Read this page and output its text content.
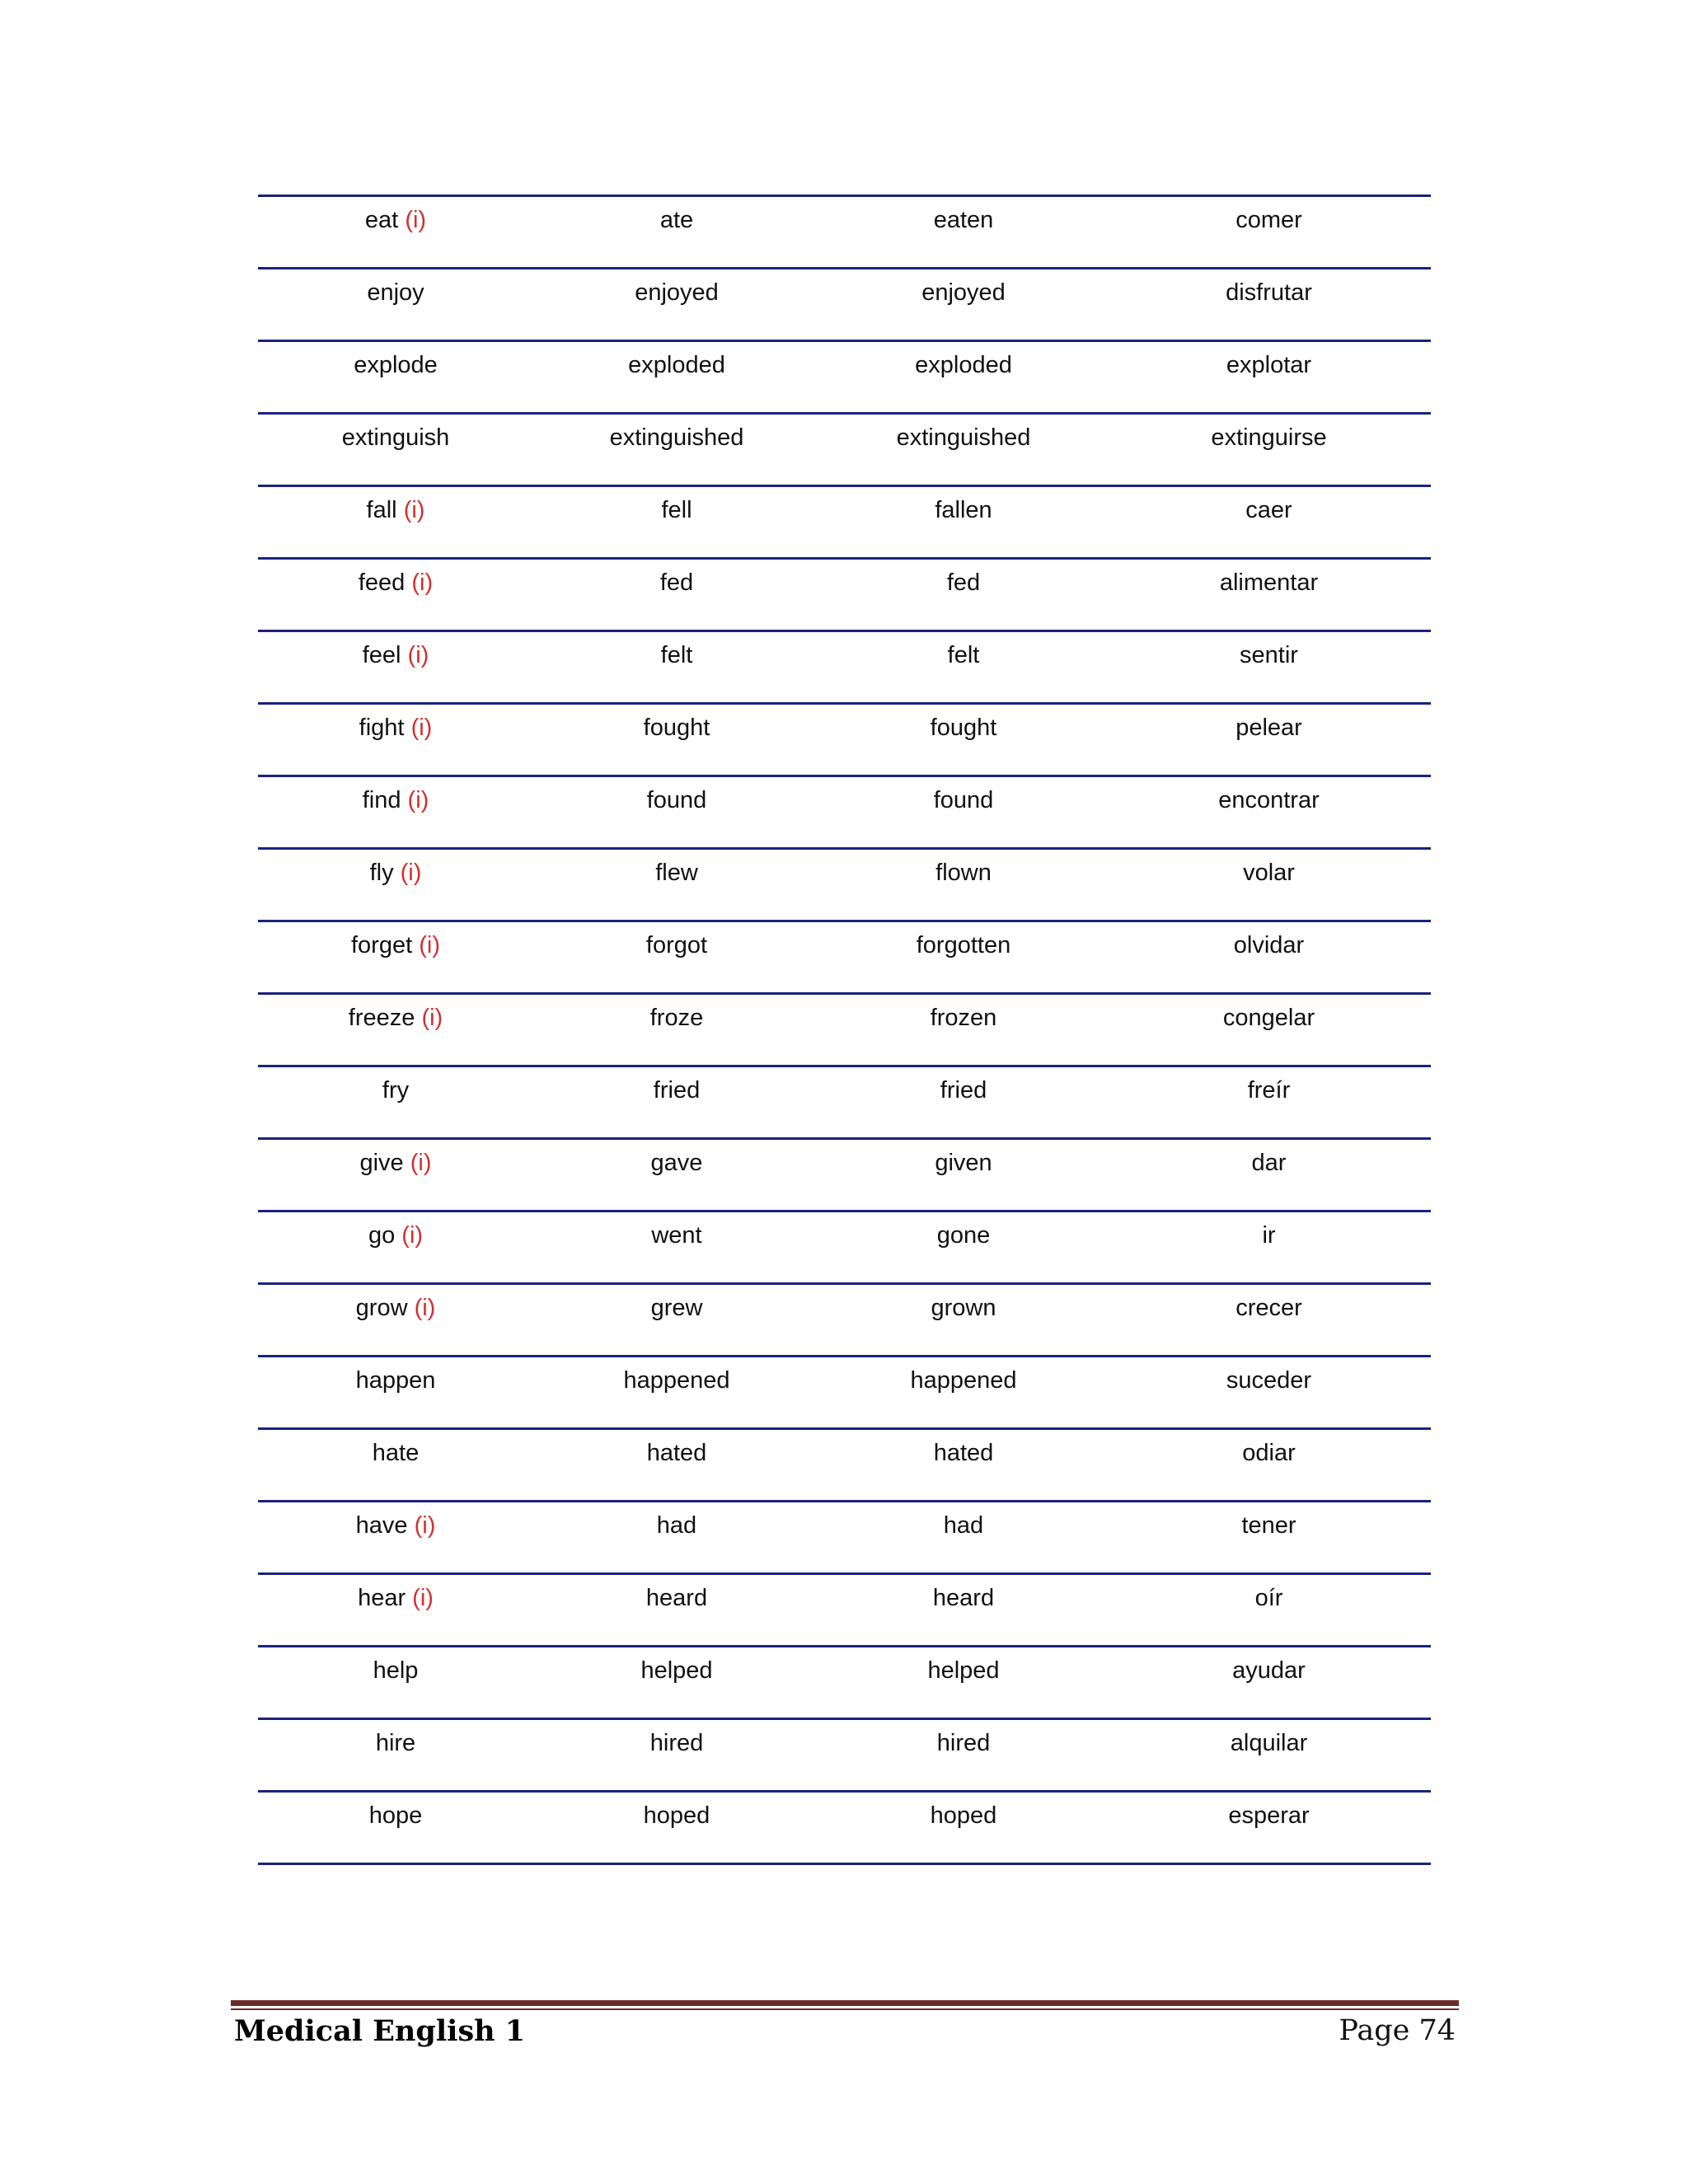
eat (i)	ate	eaten	comer
enjoy	enjoyed	enjoyed	disfrutar
explode	exploded	exploded	explotar
extinguish	extinguished	extinguished	extinguirse
fall (i)	fell	fallen	caer
feed (i)	fed	fed	alimentar
feel (i)	felt	felt	sentir
fight (i)	fought	fought	pelear
find (i)	found	found	encontrar
fly (i)	flew	flown	volar
forget (i)	forgot	forgotten	olvidar
freeze (i)	froze	frozen	congelar
fry	fried	fried	freír
give (i)	gave	given	dar
go (i)	went	gone	ir
grow (i)	grew	grown	crecer
happen	happened	happened	suceder
hate	hated	hated	odiar
have (i)	had	had	tener
hear (i)	heard	heard	oír
help	helped	helped	ayudar
hire	hired	hired	alquilar
hope	hoped	hoped	esperar
Medical English 1	Page 74
